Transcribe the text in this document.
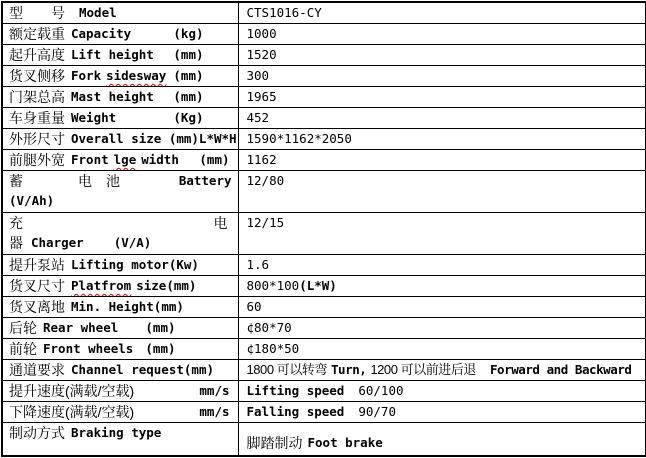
型 号 Model	CTS1016-CY

额定载重 Capacity (kg)	1000

起升高度 Lift height (mm)	1520

货叉侧移 Fork sidesway (mm)	300

门架总高 Mast height (mm)	1965

车身重量 Weight (Kg)	452

外形尺寸 Overall size (mm)L*W*H	1590*1162*2050

前腿外宽 Front lge width (mm)	1162

蓄 电 池 Battery
(V/Ah)	12/80

充 电
器 Charger (V/A)	12/15

提升泵站 Lifting motor (Kw)	1.6

货叉尺寸 Platfrom size (mm)	800*100(L*W)

货叉离地 Min. Height (mm)	60

后轮 Rear wheel (mm)	¢80*70

前轮 Front wheels (mm)	¢180*50

通道要求 Channel request (mm)	1800 可以转弯 Turn, 1200 可以前进后退 Forward and Backward

提升速度(满载/空载) mm/s	Lifting speed 60/100

下降速度(满载/空载) mm/s	Falling speed 90/70

制动方式 Braking type	脚踏制动 Foot brake
